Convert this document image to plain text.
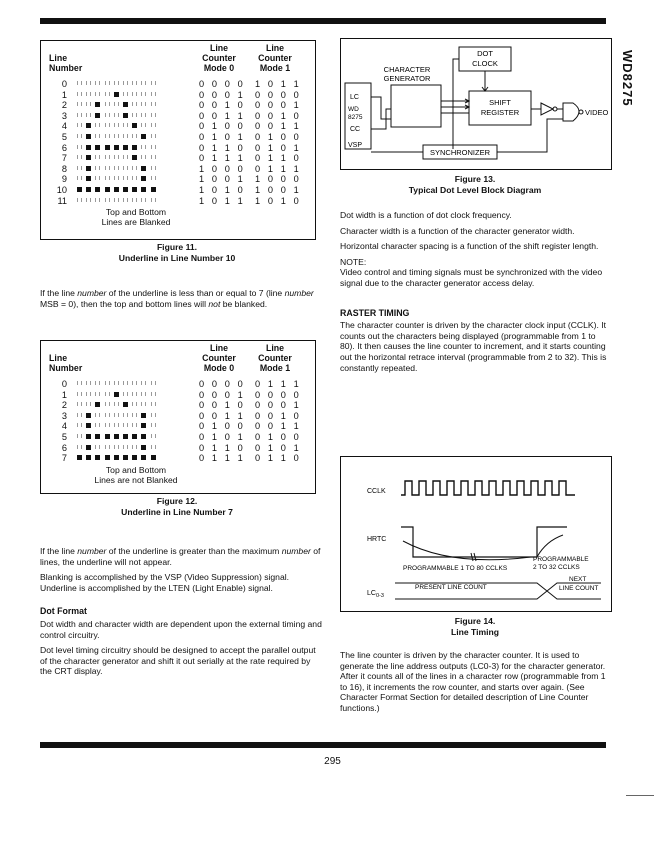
WD8275
Line
Number
Line
Counter
Mode 0
Line
Counter
Mode 1
0	0 0 0 0 1 0 1 1
1	0 0 0 1 0 0 0 0
2	0 0 1 0 0 0 0 1
3	0 0 1 1 0 0 1 0
4	0 1 0 0 0 0 1 1
5	0 1 0 1 0 1 0 0
6	0 1 1 0 0 1 0 1
7	0 1 1 1 0 1 1 0
8	1 0 0 0 0 1 1 1
9	1 0 0 1 1 0 0 0
10	1 0 1 0 1 0 0 1
11	1 0 1 1 1 0 1 0
Top and Bottom
Lines are Blanked
Figure 11.
Underline in Line Number 10

If the line number of the underline is less than or equal to 7 (line number MSB = 0), then the top and bottom lines will not be blanked.

Line
Number
Line
Counter
Mode 0
Line
Counter
Mode 1
0	0 0 0 0 0 1 1 1
1	0 0 0 1 0 0 0 0
2	0 0 1 0 0 0 0 1
3	0 0 1 1 0 0 1 0
4	0 1 0 0 0 0 1 1
5	0 1 0 1 0 1 0 0
6	0 1 1 0 0 1 0 1
7	0 1 1 1 0 1 1 0
Top and Bottom
Lines are not Blanked
Figure 12.
Underline in Line Number 7

If the line number of the underline is greater than the maximum number of lines, the underline will not appear.

Blanking is accomplished by the VSP (Video Suppression) signal. Underline is accomplished by the LTEN (Light Enable) signal.

Dot Format

Dot width and character width are dependent upon the external timing and control circuitry.

Dot level timing circuitry should be designed to accept the parallel output of the character generator and shift it out serially at the rate required by the CRT display.

DOT
CLOCK
CHARACTER
GENERATOR
LC
WD
8275
CC
VSP
SHIFT
REGISTER
SYNCHRONIZER
VIDEO
Figure 13.
Typical Dot Level Block Diagram

Dot width is a function of dot clock frequency.

Character width is a function of the character generator width.

Horizontal character spacing is a function of the shift register length.

NOTE:

Video control and timing signals must be synchronized with the video signal due to the character generator access delay.

RASTER TIMING

The character counter is driven by the character clock input (CCLK). It counts out the characters being displayed (programmable from 1 to 80). It then causes the line counter to increment, and it starts counting out the horizontal retrace interval (programmable from 2 to 32). This is constantly repeated.

CCLK
HRTC
PROGRAMMABLE 1 TO 80 CCLKS
PROGRAMMABLE
2 TO 32 CCLKS
$LC_{0-3}$
PRESENT LINE COUNT
NEXT
LINE COUNT
Figure 14.
Line Timing

The line counter is driven by the character counter. It is used to generate the line address outputs (LC0-3) for the character generator. After it counts all of the lines in a character row (programmable from 1 to 16), it increments the row counter, and starts over again. (See Character Format Section for detailed description of Line Counter functions.)

295
